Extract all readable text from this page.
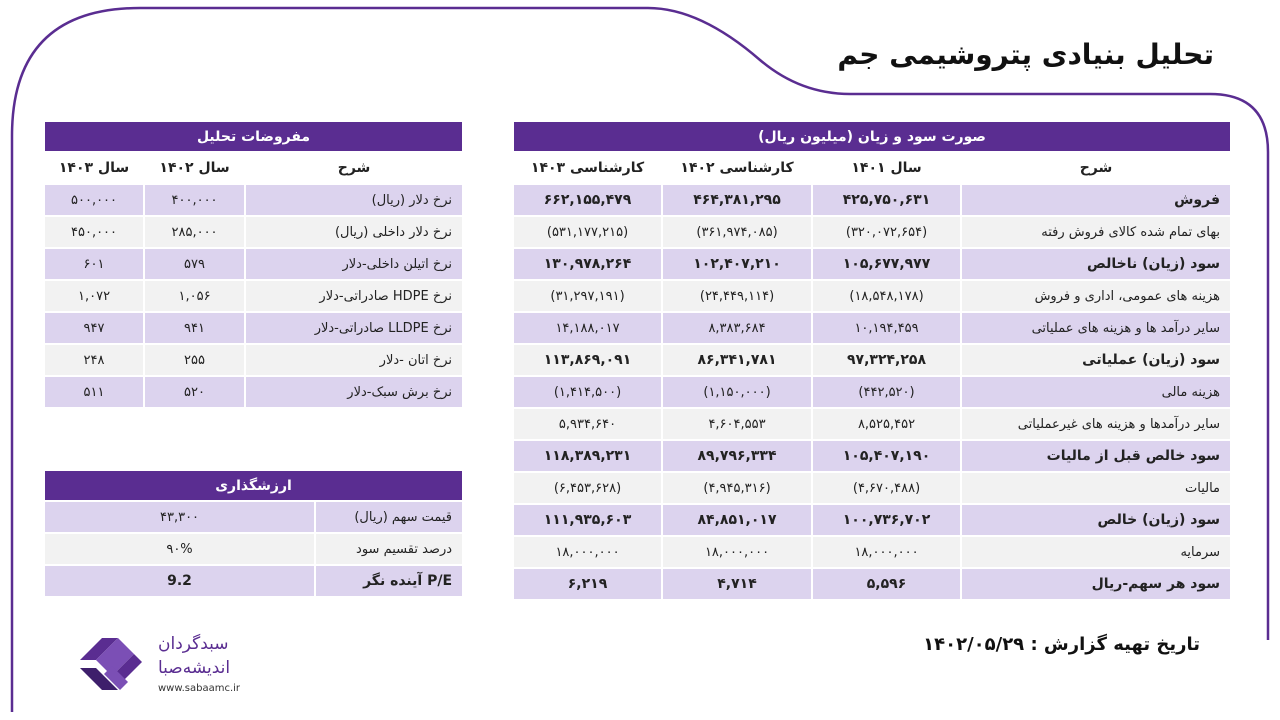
تحلیل بنیادی پتروشیمی جم
صورت سود و زیان (میلیون ریال)			
شرح	سال ۱۴۰۱	کارشناسی ۱۴۰۲	کارشناسی ۱۴۰۳
فروش	۴۲۵,۷۵۰,۶۳۱	۴۶۴,۳۸۱,۲۹۵	۶۶۲,۱۵۵,۴۷۹
بهای تمام شده کالای فروش رفته	(۳۲۰,۰۷۲,۶۵۴)	(۳۶۱,۹۷۴,۰۸۵)	(۵۳۱,۱۷۷,۲۱۵)
سود (زیان) ناخالص	۱۰۵,۶۷۷,۹۷۷	۱۰۲,۴۰۷,۲۱۰	۱۳۰,۹۷۸,۲۶۴
هزینه های عمومی، اداری و فروش	(۱۸,۵۴۸,۱۷۸)	(۲۴,۴۴۹,۱۱۴)	(۳۱,۲۹۷,۱۹۱)
سایر درآمد ها و هزینه های عملیاتی	۱۰,۱۹۴,۴۵۹	۸,۳۸۳,۶۸۴	۱۴,۱۸۸,۰۱۷
سود (زیان) عملیاتی	۹۷,۳۲۴,۲۵۸	۸۶,۳۴۱,۷۸۱	۱۱۳,۸۶۹,۰۹۱
هزینه مالی	(۴۴۲,۵۲۰)	(۱,۱۵۰,۰۰۰)	(۱,۴۱۴,۵۰۰)
سایر درآمدها و هزینه های غیرعملیاتی	۸,۵۲۵,۴۵۲	۴,۶۰۴,۵۵۳	۵,۹۳۴,۶۴۰
سود خالص قبل از مالیات	۱۰۵,۴۰۷,۱۹۰	۸۹,۷۹۶,۳۳۴	۱۱۸,۳۸۹,۲۳۱
مالیات	(۴,۶۷۰,۴۸۸)	(۴,۹۴۵,۳۱۶)	(۶,۴۵۳,۶۲۸)
سود (زیان) خالص	۱۰۰,۷۳۶,۷۰۲	۸۴,۸۵۱,۰۱۷	۱۱۱,۹۳۵,۶۰۳
سرمایه	۱۸,۰۰۰,۰۰۰	۱۸,۰۰۰,۰۰۰	۱۸,۰۰۰,۰۰۰
سود هر سهم-ریال	۵,۵۹۶	۴,۷۱۴	۶,۲۱۹
مفروضات تحلیل		
شرح	سال ۱۴۰۲	سال ۱۴۰۳
نرخ دلار (ریال)	۴۰۰,۰۰۰	۵۰۰,۰۰۰
نرخ دلار داخلی (ریال)	۲۸۵,۰۰۰	۴۵۰,۰۰۰
نرخ اتیلن داخلی-دلار	۵۷۹	۶۰۱
نرخ HDPE صادراتی-دلار	۱,۰۵۶	۱,۰۷۲
نرخ LLDPE صادراتی-دلار	۹۴۱	۹۴۷
نرخ اتان -دلار	۲۵۵	۲۴۸
نرخ برش سبک-دلار	۵۲۰	۵۱۱
ارزشگذاری	
قیمت سهم (ریال)	۴۳,۳۰۰
درصد تقسیم سود	۹۰%
P/E آینده نگر	9.2
تاریخ تهیه گزارش : ۱۴۰۲/۰۵/۲۹
سبدگردان
اندیشه‌صبا
www.sabaamc.ir
